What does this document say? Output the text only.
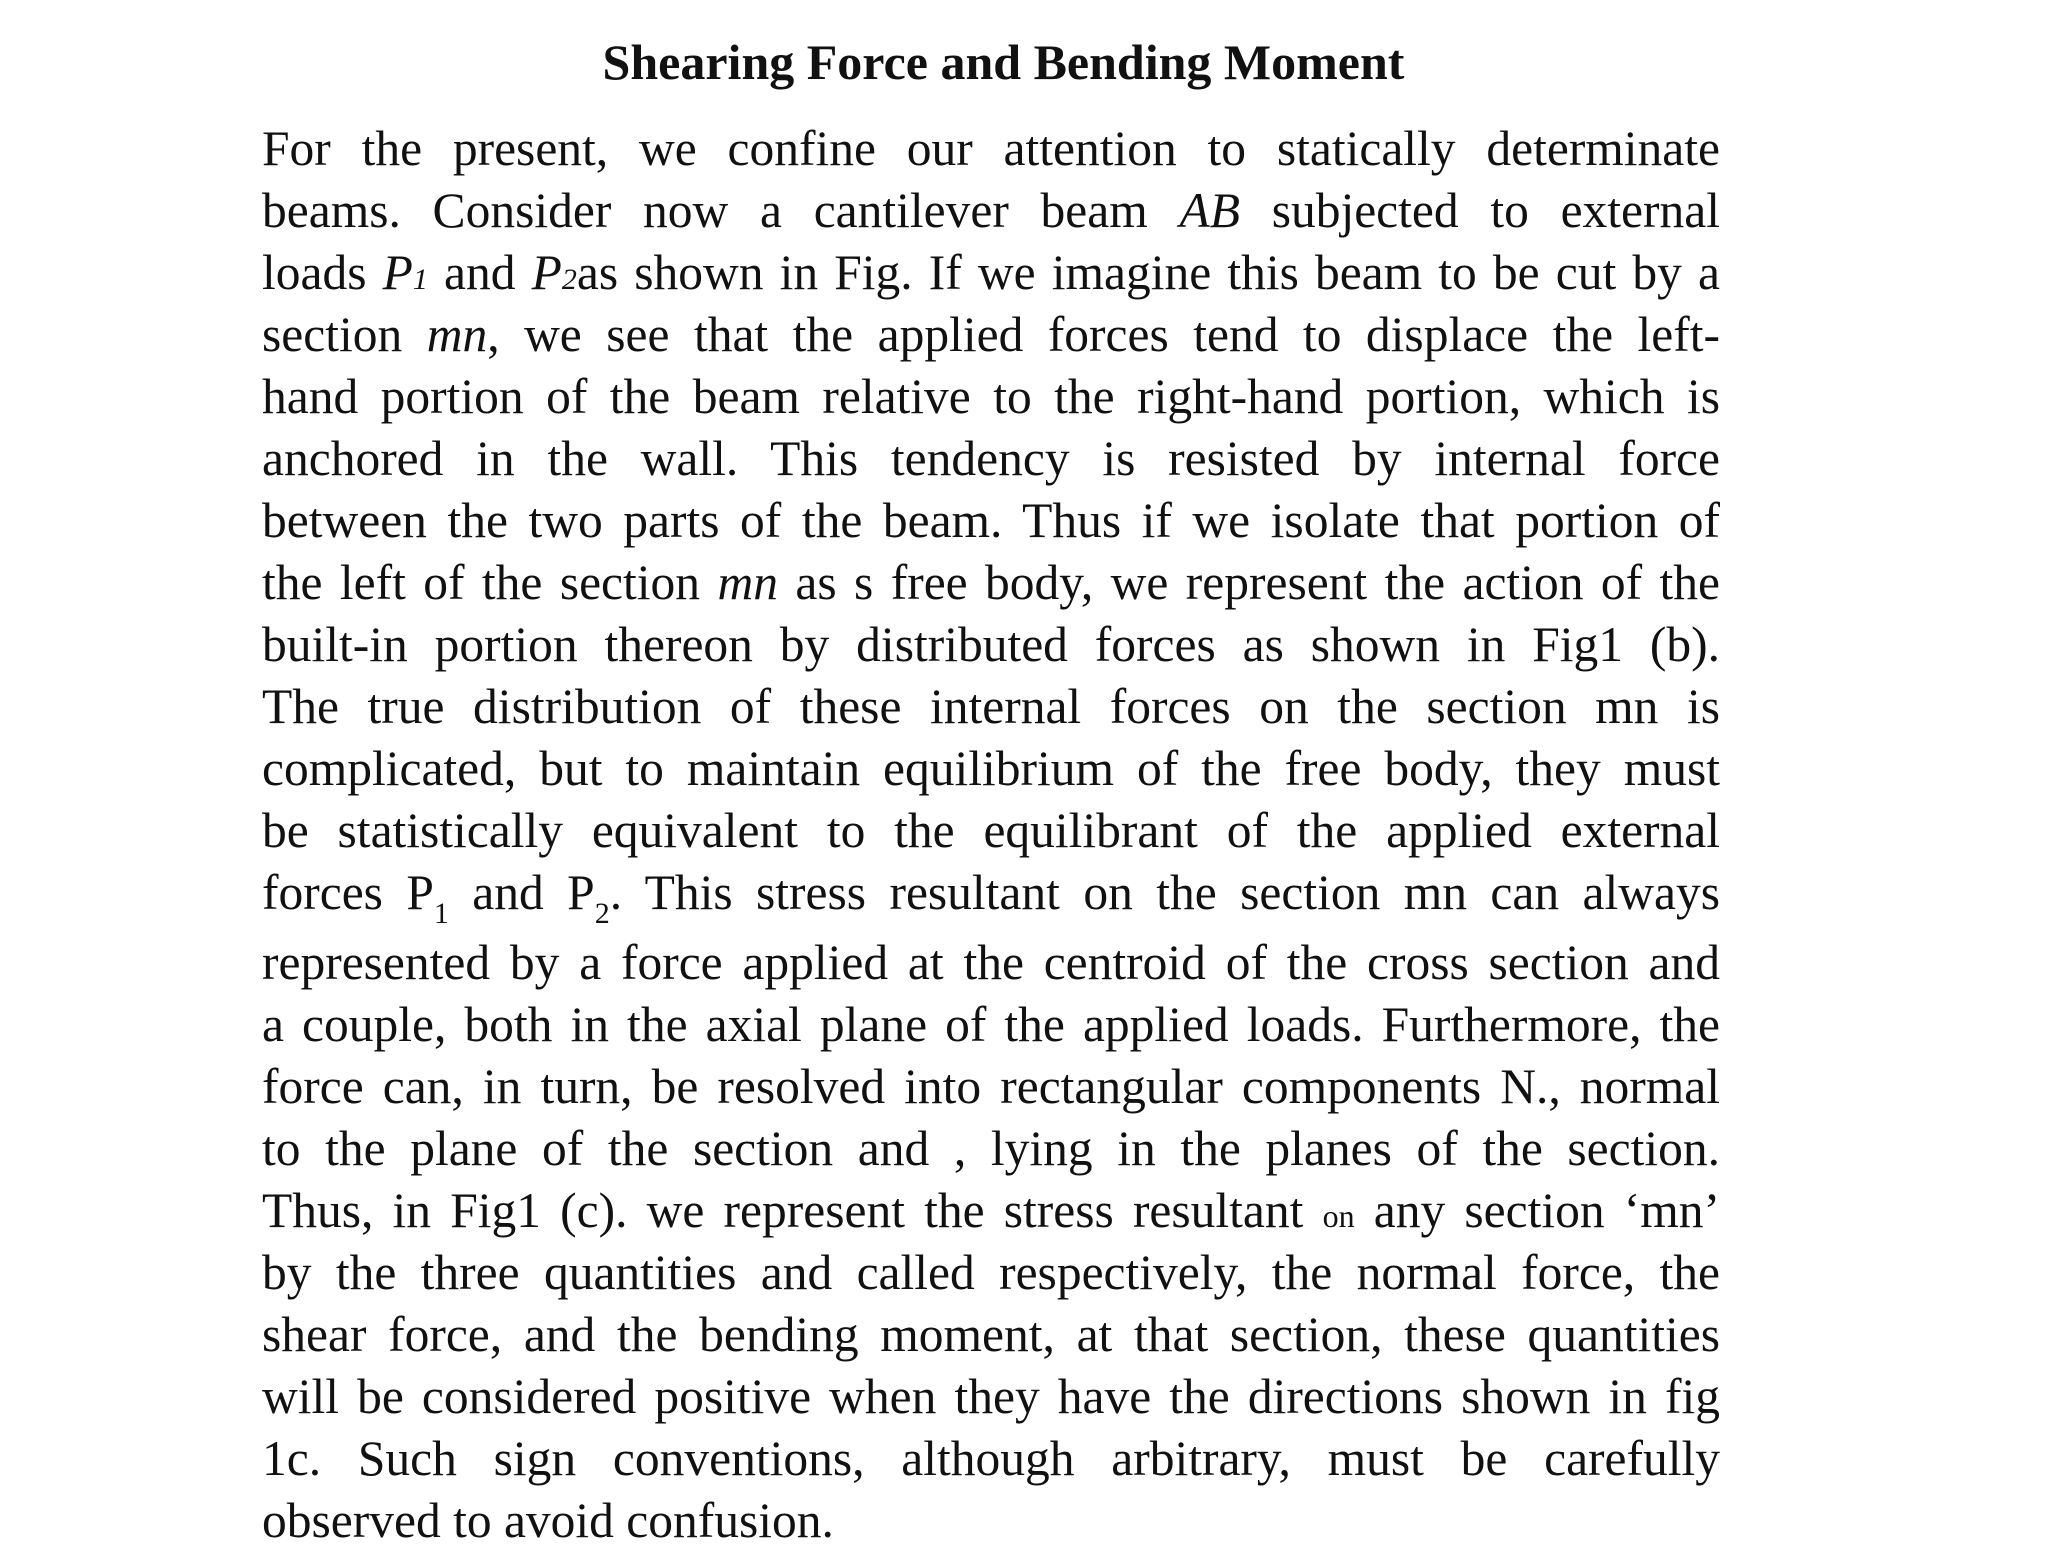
Shearing Force and Bending Moment
For the present, we confine our attention to statically determinate
beams. Consider now a cantilever beam AB subjected to external
loads P1 and P2as shown in Fig. If we imagine this beam to be cut by a
section mn, we see that the applied forces tend to displace the left-
hand portion of the beam relative to the right-hand portion, which is
anchored in the wall. This tendency is resisted by internal force
between the two parts of the beam. Thus if we isolate that portion of
the left of the section mn as s free body, we represent the action of the
built-in portion thereon by distributed forces as shown in Fig1 (b).
The true distribution of these internal forces on the section mn is
complicated, but to maintain equilibrium of the free body, they must
be statistically equivalent to the equilibrant of the applied external
forces $P_1$ and $P_2$. This stress resultant on the section mn can always
represented by a force applied at the centroid of the cross section and
a couple, both in the axial plane of the applied loads. Furthermore, the
force can, in turn, be resolved into rectangular components N., normal
to the plane of the section and , lying in the planes of the section.
Thus, in Fig1 (c). we represent the stress resultant on any section ‘mn’
by the three quantities and called respectively, the normal force, the
shear force, and the bending moment, at that section, these quantities
will be considered positive when they have the directions shown in fig
1c. Such sign conventions, although arbitrary, must be carefully
observed to avoid confusion.
